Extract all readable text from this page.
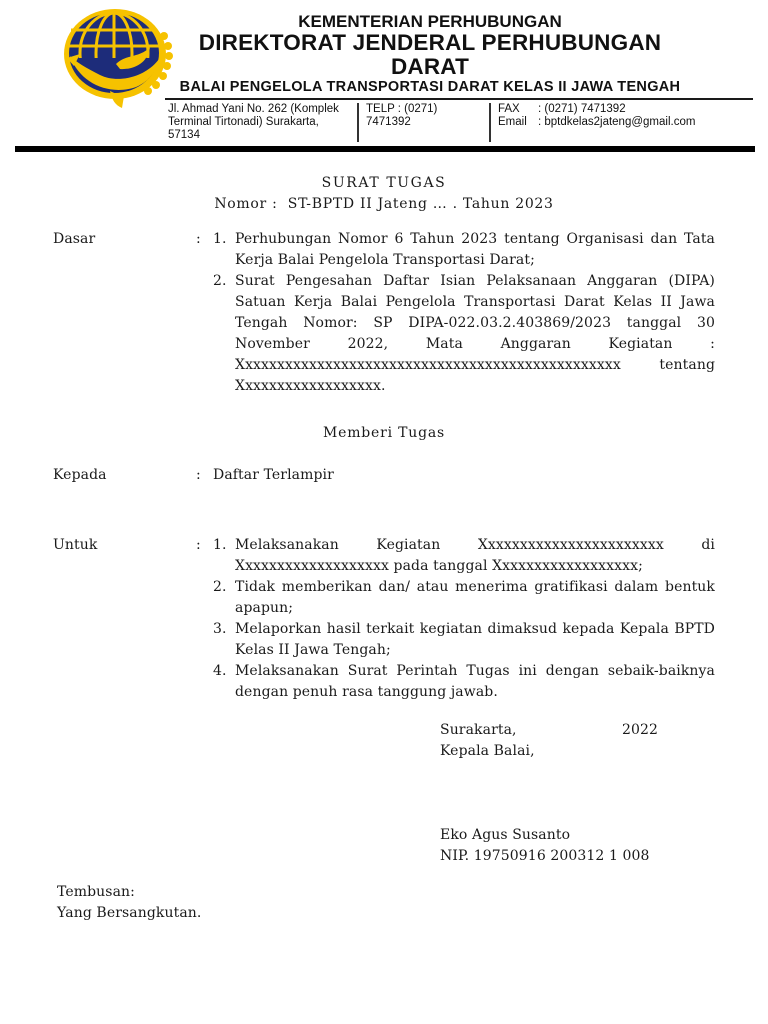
KEMENTERIAN PERHUBUNGAN
DIREKTORAT JENDERAL PERHUBUNGAN DARAT
BALAI PENGELOLA TRANSPORTASI DARAT KELAS II JAWA TENGAH
Jl. Ahmad Yani No. 262 (Komplek
Terminal Tirtonadi) Surakarta, 57134
TELP : (0271) 7471392
FAX	: (0271) 7471392
Email : bptdkelas2jateng@gmail.com
SURAT TUGAS
Nomor :  ST-BPTD II Jateng … . Tahun 2023
Dasar	: 1. Perhubungan Nomor 6 Tahun 2023 tentang Organisasi dan Tata Kerja Balai Pengelola Transportasi Darat;
2. Surat Pengesahan Daftar Isian Pelaksanaan Anggaran (DIPA) Satuan Kerja Balai Pengelola Transportasi Darat Kelas II Jawa Tengah Nomor: SP DIPA-022.03.2.403869/2023 tanggal 30 November 2022, Mata Anggaran Kegiatan : Xxxxxxxxxxxxxxxxxxxxxxxxxxxxxxxxxxxxxxxxxxxxxxxx tentang Xxxxxxxxxxxxxxxxxx.
Memberi Tugas
Kepada	: Daftar Terlampir
Untuk	: 1. Melaksanakan Kegiatan Xxxxxxxxxxxxxxxxxxxxxxx di Xxxxxxxxxxxxxxxxxxx pada tanggal Xxxxxxxxxxxxxxxxxx;
2. Tidak memberikan dan/ atau menerima gratifikasi dalam bentuk apapun;
3. Melaporkan hasil terkait kegiatan dimaksud kepada Kepala BPTD Kelas II Jawa Tengah;
4. Melaksanakan Surat Perintah Tugas ini dengan sebaik-baiknya dengan penuh rasa tanggung jawab.
Surakarta,	2022
Kepala Balai,
Eko Agus Susanto
NIP. 19750916 200312 1 008
Tembusan:
Yang Bersangkutan.
